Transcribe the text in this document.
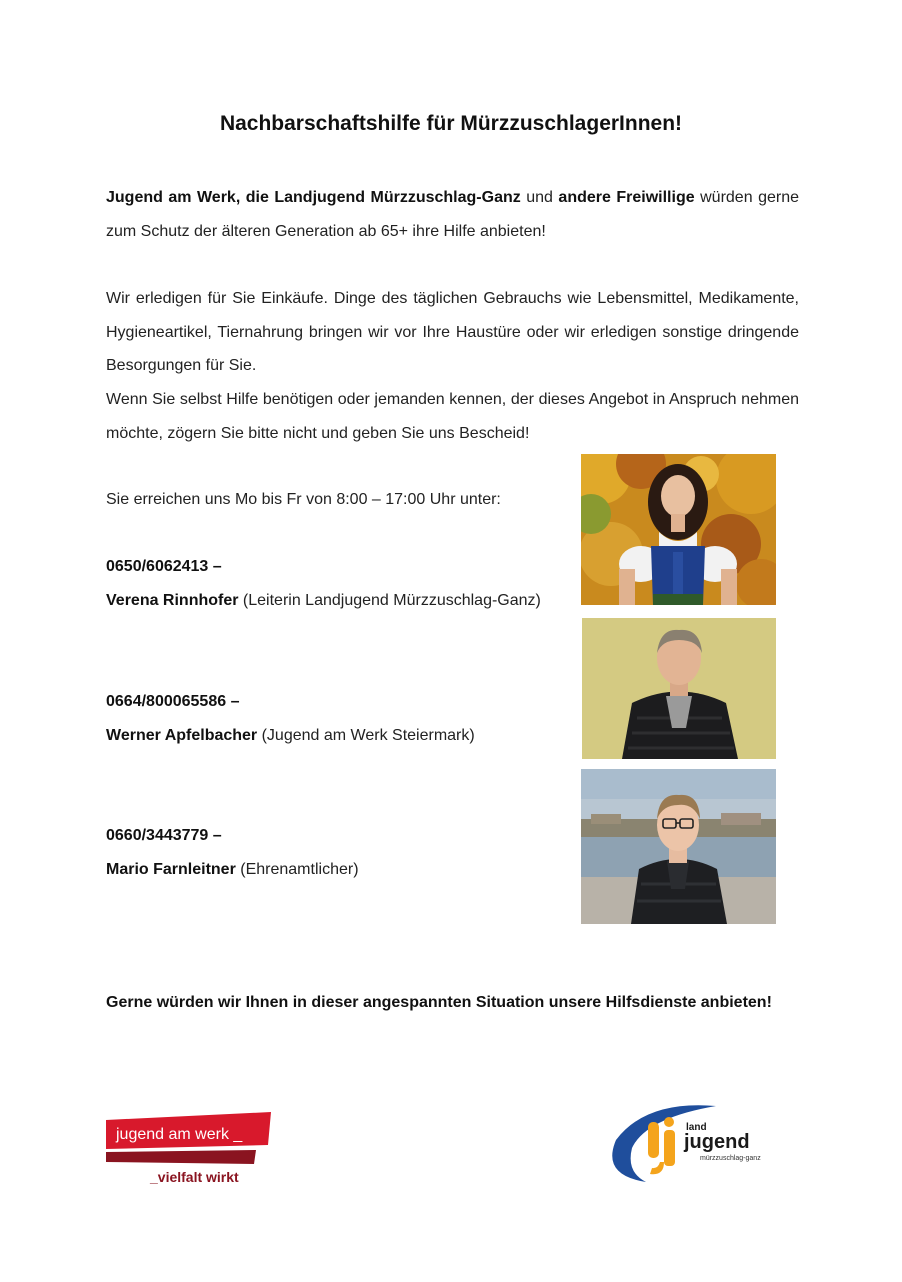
Nachbarschaftshilfe für MürzzuschlagerInnen!

Jugend am Werk, die Landjugend Mürzzuschlag-Ganz und andere Freiwillige würden gerne zum Schutz der älteren Generation ab 65+ ihre Hilfe anbieten!

Wir erledigen für Sie Einkäufe. Dinge des täglichen Gebrauchs wie Lebensmittel, Medikamente, Hygieneartikel, Tiernahrung bringen wir vor Ihre Haustüre oder wir erledigen sonstige dringende Besorgungen für Sie.

Wenn Sie selbst Hilfe benötigen oder jemanden kennen, der dieses Angebot in Anspruch nehmen möchte, zögern Sie bitte nicht und geben Sie uns Bescheid!

Sie erreichen uns Mo bis Fr von 8:00 – 17:00 Uhr unter:
0650/6062413 –
Verena Rinnhofer (Leiterin Landjugend Mürzzuschlag-Ganz)
0664/800065586 –
Werner Apfelbacher (Jugend am Werk Steiermark)
0660/3443779 –
Mario Farnleitner (Ehrenamtlicher)
Gerne würden wir Ihnen in dieser angespannten Situation unsere Hilfsdienste anbieten!
jugend am werk _
_vielfalt wirkt
land
jugend
mürzzuschlag-ganz
